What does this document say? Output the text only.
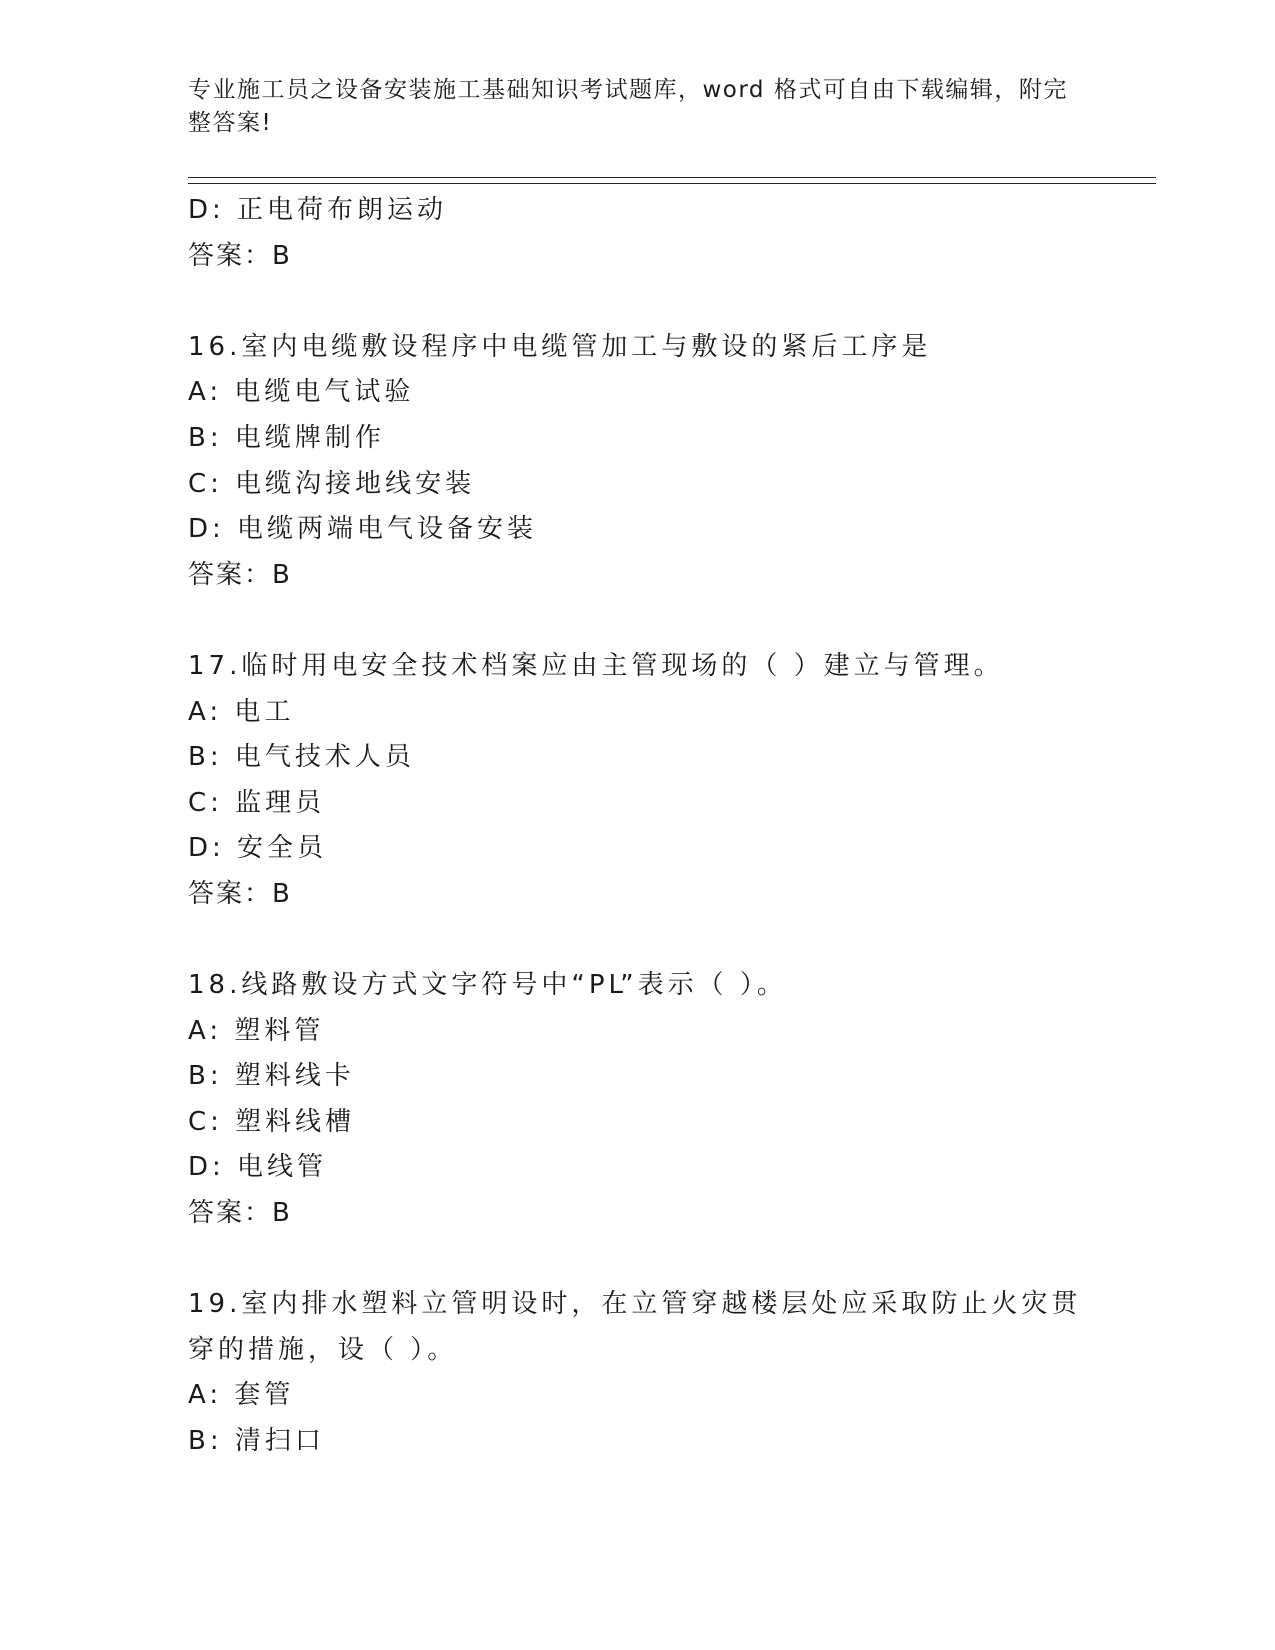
专业施工员之设备安装施工基础知识考试题库，word 格式可自由下载编辑，附完整答案!
D: 正电荷布朗运动
答案：B
16.室内电缆敷设程序中电缆管加工与敷设的紧后工序是
A: 电缆电气试验
B: 电缆牌制作
C: 电缆沟接地线安装
D: 电缆两端电气设备安装
答案：B
17.临时用电安全技术档案应由主管现场的（ ）建立与管理。
A: 电工
B: 电气技术人员
C: 监理员
D: 安全员
答案：B
18.线路敷设方式文字符号中“PL”表示（ ）。
A: 塑料管
B: 塑料线卡
C: 塑料线槽
D: 电线管
答案：B
19.室内排水塑料立管明设时，在立管穿越楼层处应采取防止火灾贯穿的措施，设（ ）。
A: 套管
B: 清扫口
